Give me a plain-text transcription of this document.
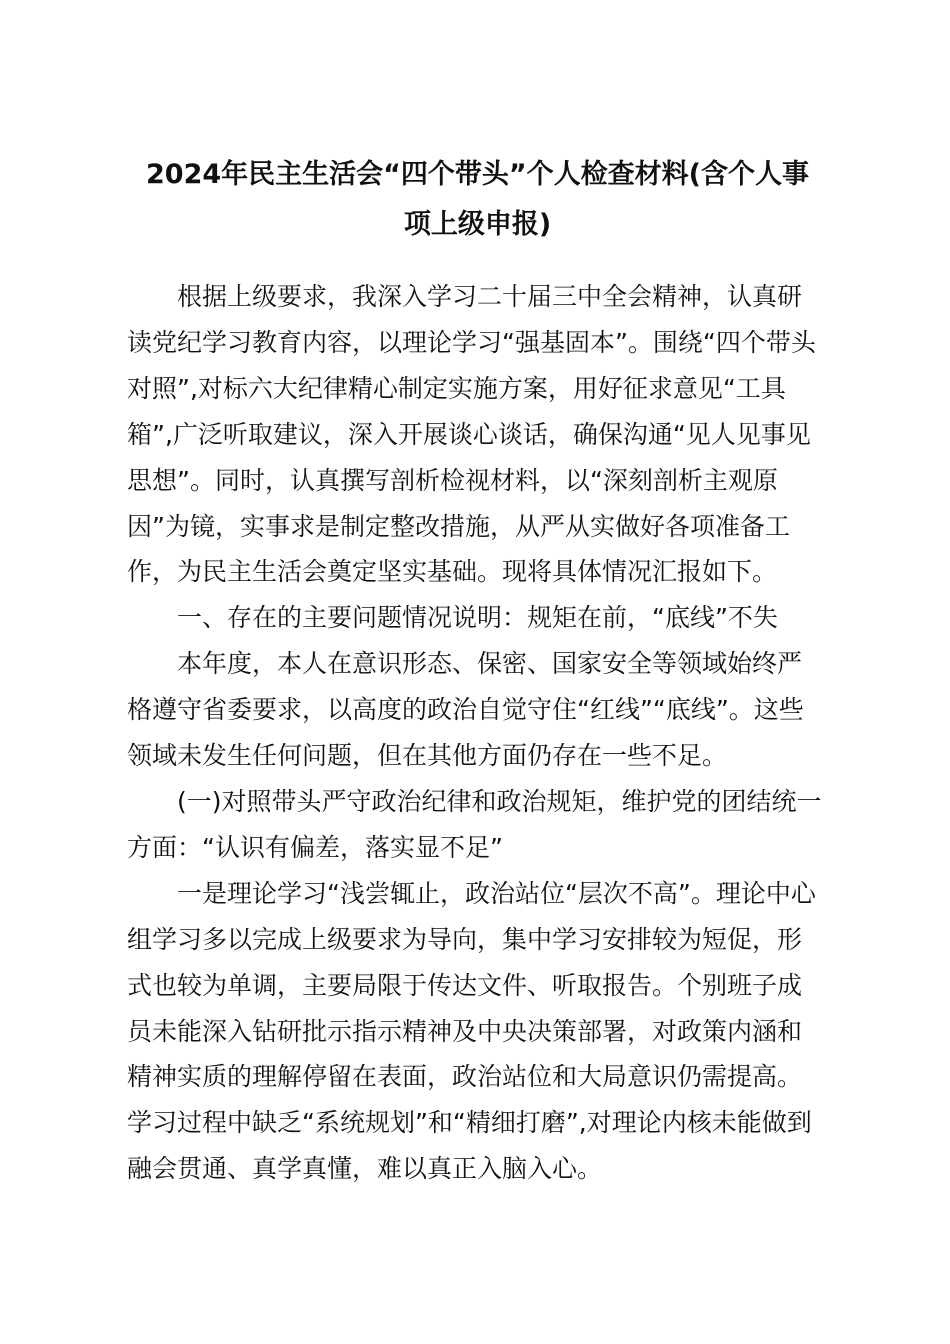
2024年民主生活会“四个带头”个人检查材料(含个人事
项上级申报)

根据上级要求，我深入学习二十届三中全会精神，认真研
读党纪学习教育内容，以理论学习“强基固本”。围绕“四个带头
对照”,对标六大纪律精心制定实施方案，用好征求意见“工具
箱”,广泛听取建议，深入开展谈心谈话，确保沟通“见人见事见
思想”。同时，认真撰写剖析检视材料，以“深刻剖析主观原
因”为镜，实事求是制定整改措施，从严从实做好各项准备工
作，为民主生活会奠定坚实基础。现将具体情况汇报如下。

一、存在的主要问题情况说明：规矩在前，“底线”不失

本年度，本人在意识形态、保密、国家安全等领域始终严
格遵守省委要求，以高度的政治自觉守住“红线”“底线”。这些
领域未发生任何问题，但在其他方面仍存在一些不足。

(一)对照带头严守政治纪律和政治规矩，维护党的团结统一
方面：“认识有偏差，落实显不足”

一是理论学习“浅尝辄止，政治站位“层次不高”。理论中心
组学习多以完成上级要求为导向，集中学习安排较为短促，形
式也较为单调，主要局限于传达文件、听取报告。个别班子成
员未能深入钻研批示指示精神及中央决策部署，对政策内涵和
精神实质的理解停留在表面，政治站位和大局意识仍需提高。
学习过程中缺乏“系统规划”和“精细打磨”,对理论内核未能做到
融会贯通、真学真懂，难以真正入脑入心。
